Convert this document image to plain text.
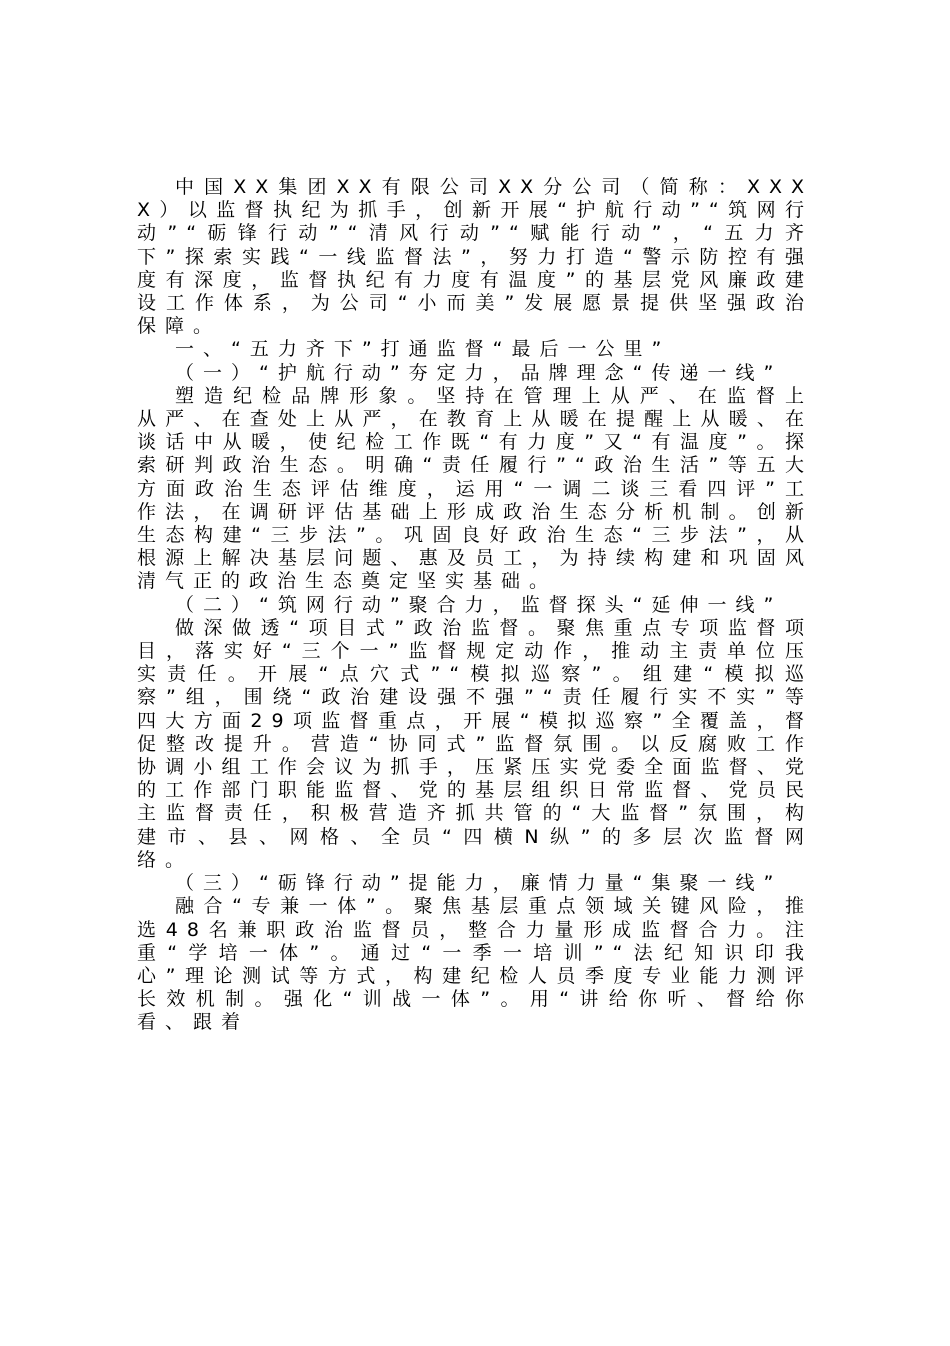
中国XX集团XX有限公司XX分公司（简称：XXXX）以监督执纪为抓手，创新开展“护航行动”“筑网行动”“砺锋行动”“清风行动”“赋能行动”，“五力齐下”探索实践“一线监督法”，努力打造“警示防控有强度有深度，监督执纪有力度有温度”的基层党风廉政建设工作体系，为公司“小而美”发展愿景提供坚强政治保障。

一、“五力齐下”打通监督“最后一公里”

（一）“护航行动”夯定力，品牌理念“传递一线”

塑造纪检品牌形象。坚持在管理上从严、在监督上从严、在查处上从严，在教育上从暖在提醒上从暖、在谈话中从暖，使纪检工作既“有力度”又“有温度”。探索研判政治生态。明确“责任履行”“政治生活”等五大方面政治生态评估维度，运用“一调二谈三看四评”工作法，在调研评估基础上形成政治生态分析机制。创新生态构建“三步法”。巩固良好政治生态“三步法”，从根源上解决基层问题、惠及员工，为持续构建和巩固风清气正的政治生态奠定坚实基础。

（二）“筑网行动”聚合力，监督探头“延伸一线”

做深做透“项目式”政治监督。聚焦重点专项监督项目，落实好“三个一”监督规定动作，推动主责单位压实责任。开展“点穴式”“模拟巡察”。组建“模拟巡察”组，围绕“政治建设强不强”“责任履行实不实”等四大方面29项监督重点，开展“模拟巡察”全覆盖，督促整改提升。营造“协同式”监督氛围。以反腐败工作协调小组工作会议为抓手，压紧压实党委全面监督、党的工作部门职能监督、党的基层组织日常监督、党员民主监督责任，积极营造齐抓共管的“大监督”氛围，构建市、县、网格、全员“四横N纵”的多层次监督网络。

（三）“砺锋行动”提能力，廉情力量“集聚一线”

融合“专兼一体”。聚焦基层重点领域关键风险，推选48名兼职政治监督员，整合力量形成监督合力。注重“学培一体”。通过“一季一培训”“法纪知识印我心”理论测试等方式，构建纪检人员季度专业能力测评长效机制。强化“训战一体”。用“讲给你听、督给你看、跟着
